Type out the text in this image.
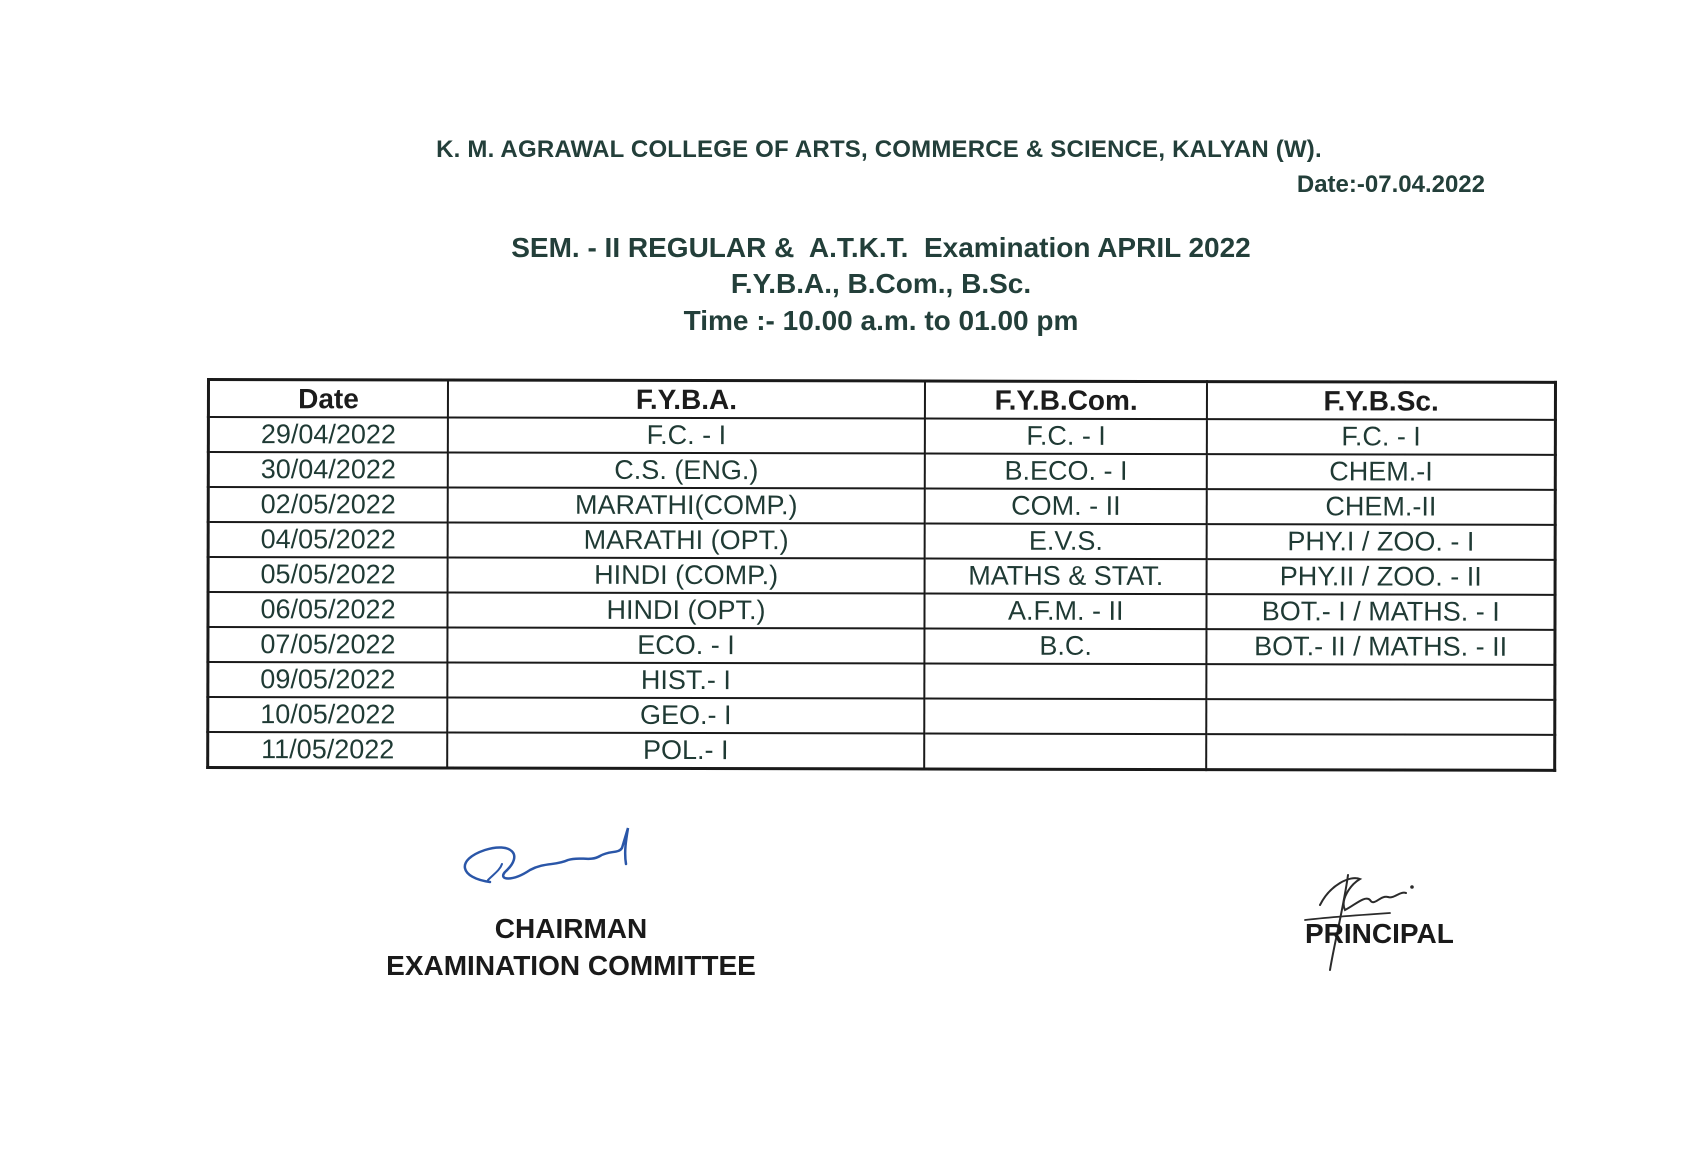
K. M. AGRAWAL COLLEGE OF ARTS, COMMERCE & SCIENCE, KALYAN (W).
Date:-07.04.2022
SEM. - II REGULAR &  A.T.K.T.  Examination APRIL 2022
F.Y.B.A., B.Com., B.Sc.
Time :- 10.00 a.m. to 01.00 pm
Date	F.Y.B.A.	F.Y.B.Com.	F.Y.B.Sc.
29/04/2022	F.C. - I	F.C. - I	F.C. - I
30/04/2022	C.S. (ENG.)	B.ECO. - I	CHEM.-I
02/05/2022	MARATHI(COMP.)	COM. - II	CHEM.-II
04/05/2022	MARATHI (OPT.)	E.V.S.	PHY.I / ZOO. - I
05/05/2022	HINDI (COMP.)	MATHS & STAT.	PHY.II / ZOO. - II
06/05/2022	HINDI (OPT.)	A.F.M. - II	BOT.- I / MATHS. - I
07/05/2022	ECO. - I	B.C.	BOT.- II / MATHS. - II
09/05/2022	HIST.- I		
10/05/2022	GEO.- I		
11/05/2022	POL.- I		
CHAIRMAN
EXAMINATION COMMITTEE
PRINCIPAL
